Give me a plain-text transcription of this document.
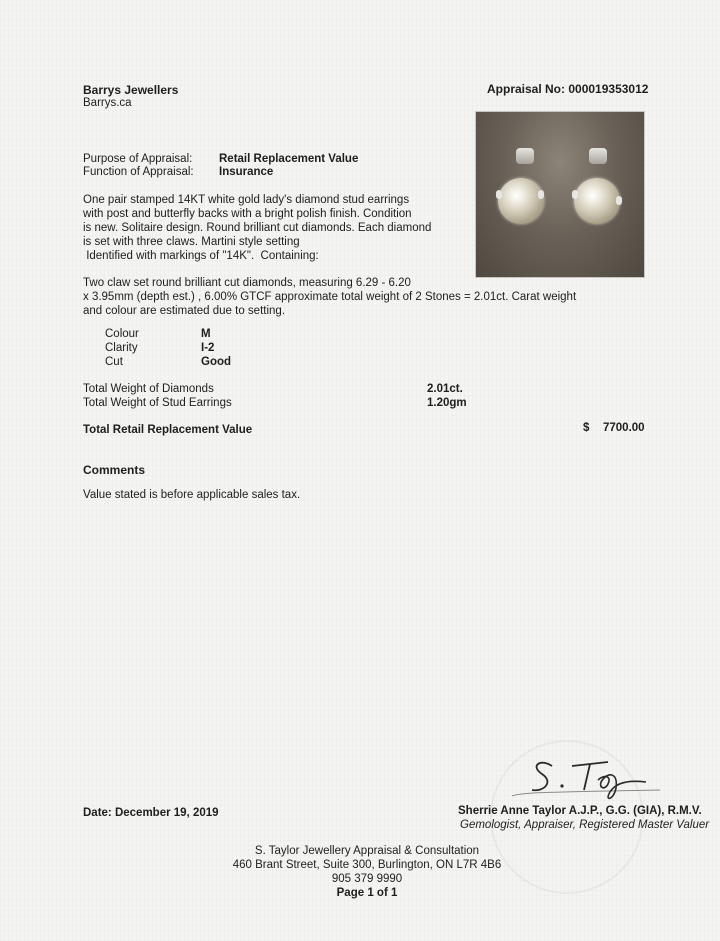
Barrys Jewellers
Barrys.ca
Appraisal No: 000019353012
Purpose of Appraisal: Retail Replacement Value
Function of Appraisal: Insurance
One pair stamped 14KT white gold lady's diamond stud earrings
with post and butterfly backs with a bright polish finish. Condition
is new. Solitaire design. Round brilliant cut diamonds. Each diamond
is set with three claws. Martini style setting
Identified with markings of "14K".  Containing:
Two claw set round brilliant cut diamonds, measuring 6.29 - 6.20
x 3.95mm (depth est.) , 6.00% GTCF approximate total weight of 2 Stones = 2.01ct. Carat weight
and colour are estimated due to setting.
Colour	M
Clarity	I-2
Cut	Good
Total Weight of Diamonds	2.01ct.
Total Weight of Stud Earrings	1.20gm
Total Retail Replacement Value	$ 7700.00
Comments
Value stated is before applicable sales tax.
Date: December 19, 2019	Sherrie Anne Taylor A.J.P., G.G. (GIA), R.M.V.
Gemologist, Appraiser, Registered Master Valuer
S. Taylor Jewellery Appraisal & Consultation
460 Brant Street, Suite 300, Burlington, ON L7R 4B6
905 379 9990
Page 1 of 1
